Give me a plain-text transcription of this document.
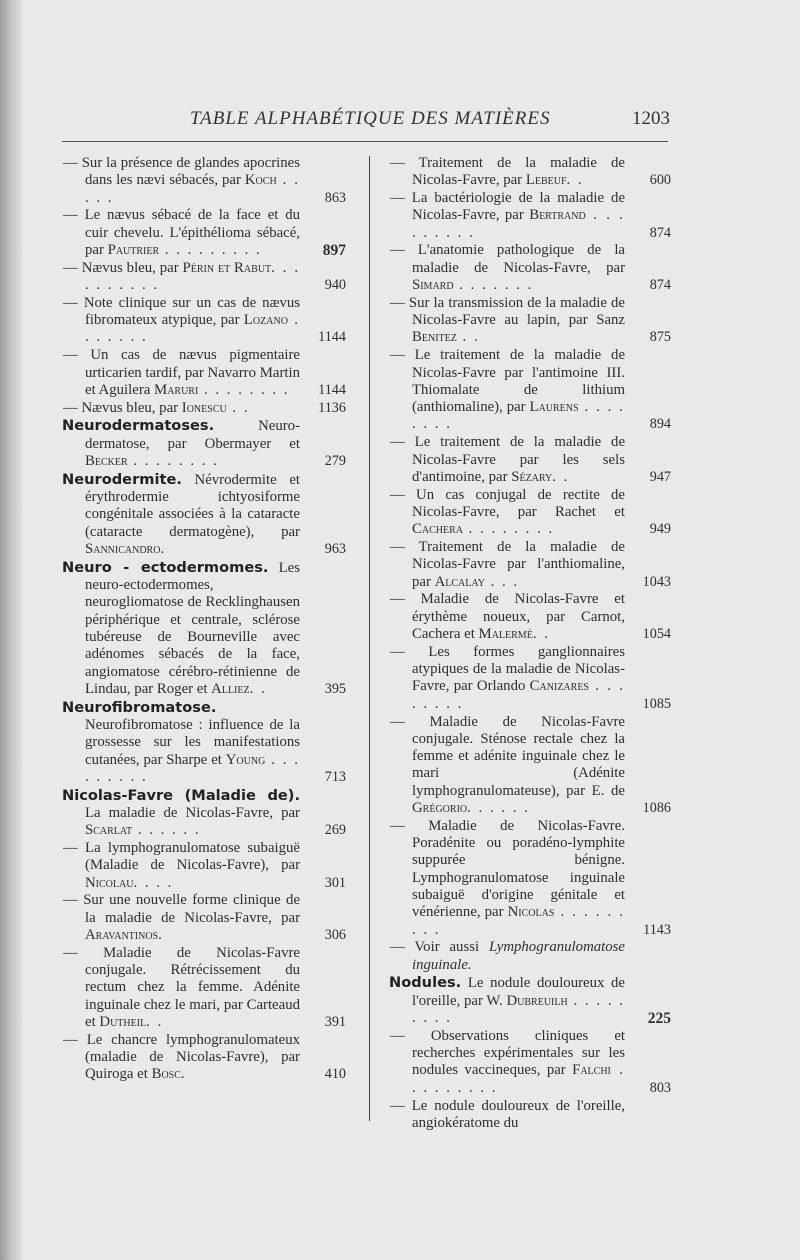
TABLE ALPHABÉTIQUE DES MATIÈRES	1203
— Sur la présence de glandes apocrines dans les nævi sébacés, par Koch . . . . .	863
— Le nævus sébacé de la face et du cuir chevelu. L'épithélioma sébacé, par Pautrier . . . . . . . . .	897
— Nævus bleu, par Périn et Rabut. . . . . . . . . .	940
— Note clinique sur un cas de nævus fibromateux atypique, par Lozano . . . . . . .	1144
— Un cas de nævus pigmentaire urticarien tardif, par Navarro Martin et Aguilera Maruri . . . . . . . . 1144
— Nævus bleu, par Ionescu . .	1136
Neurodermatoses. Neuro-dermatose, par Obermayer et Becker . . . . . . . .	279
Neurodermite. Névrodermite et érythrodermie ichtyosiforme congénitale associées à la cataracte (cataracte dermatogène), par Sannicandro.	963
Neuro - ectodermomes. Les neuro-ectodermomes, neurogliomatose de Recklinghausen périphérique et centrale, sclérose tubéreuse de Bourneville avec adénomes sébacés de la face, angiomatose cérébro-rétinienne de Lindau, par Roger et Alliez. .	395
Neurofibromatose. Neurofibromatose : influence de la grossesse sur les manifestations cutanées, par Sharpe et Young . . . . . . . . .	713
Nicolas-Favre (Maladie de). La maladie de Nicolas-Favre, par Scarlat . . . . . .	269
— La lymphogranulomatose subaiguë (Maladie de Nicolas-Favre), par Nicolau. . . .	301
— Sur une nouvelle forme clinique de la maladie de Nicolas-Favre, par Aravantinos.	306
— Maladie de Nicolas-Favre conjugale. Rétrécissement du rectum chez la femme. Adénite inguinale chez le mari, par Carteaud et Dutheil. .	391
— Le chancre lymphogranulomateux (maladie de Nicolas-Favre), par Quiroga et Bosc.	410
— Traitement de la maladie de Nicolas-Favre, par Lebeuf. .	600
— La bactériologie de la maladie de Nicolas-Favre, par Bertrand . . . . . . . . .	874
— L'anatomie pathologique de la maladie de Nicolas-Favre, par Simard . . . . . . .	874
— Sur la transmission de la maladie de Nicolas-Favre au lapin, par Sanz Benitez . .	875
— Le traitement de la maladie de Nicolas-Favre par l'antimoine III. Thiomalate de lithium (anthiomaline), par Laurens . . . . . . . .	894
— Le traitement de la maladie de Nicolas-Favre par les sels d'antimoine, par Sézary. .	947
— Un cas conjugal de rectite de Nicolas-Favre, par Rachet et Cachera . . . . . . . .	949
— Traitement de la maladie de Nicolas-Favre par l'anthiomaline, par Alcalay . . .	1043
— Maladie de Nicolas-Favre et érythème noueux, par Carnot, Cachera et Malermé. .	1054
— Les formes ganglionnaires atypiques de la maladie de Nicolas-Favre, par Orlando Canizares . . . . . . . .	1085
— Maladie de Nicolas-Favre conjugale. Sténose rectale chez la femme et adénite inguinale chez le mari (Adénite lymphogranulomateuse), par E. de Grégorio. . . . . .	1086
— Maladie de Nicolas-Favre. Poradénite ou poradéno-lymphite suppurée bénigne. Lymphogranulomatose inguinale subaiguë d'origine génitale et vénérienne, par Nicolas . . . . . . . . .	1143
— Voir aussi Lymphogranulomatose inguinale.
Nodules. Le nodule douloureux de l'oreille, par W. Dubreuilh . . . . . . . . .	225
— Observations cliniques et recherches expérimentales sur les nodules vaccineques, par Falchi . . . . . . . . .	803
— Le nodule douloureux de l'oreille, angiokératome du
